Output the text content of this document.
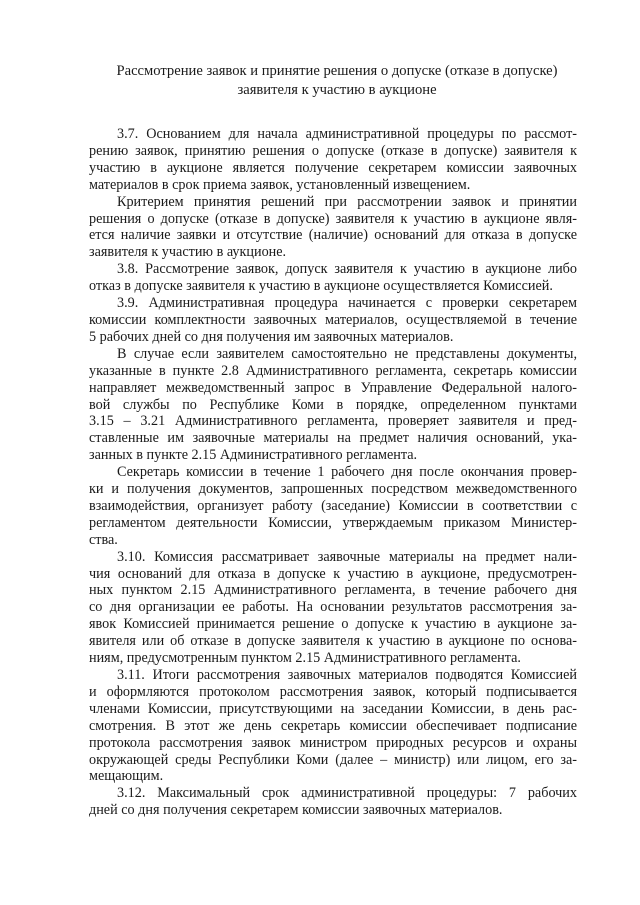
Рассмотрение заявок и принятие решения о допуске (отказе в допуске)
заявителя к участию в аукционе

3.7. Основанием для начала административной процедуры по рассмот-
рению заявок, принятию решения о допуске (отказе в допуске) заявителя к
участию в аукционе является получение секретарем комиссии заявочных
материалов в срок приема заявок, установленный извещением.

Критерием принятия решений при рассмотрении заявок и принятии
решения о допуске (отказе в допуске) заявителя к участию в аукционе явля-
ется наличие заявки и отсутствие (наличие) оснований для отказа в допуске
заявителя к участию в аукционе.

3.8. Рассмотрение заявок, допуск заявителя к участию в аукционе либо
отказ в допуске заявителя к участию в аукционе осуществляется Комиссией.

3.9. Административная процедура начинается с проверки секретарем
комиссии комплектности заявочных материалов, осуществляемой в течение
5 рабочих дней со дня получения им заявочных материалов.

В случае если заявителем самостоятельно не представлены документы,
указанные в пункте 2.8 Административного регламента, секретарь комиссии
направляет межведомственный запрос в Управление Федеральной налого-
вой службы по Республике Коми в порядке, определенном пунктами
3.15 – 3.21 Административного регламента, проверяет заявителя и пред-
ставленные им заявочные материалы на предмет наличия оснований, ука-
занных в пункте 2.15 Административного регламента.

Секретарь комиссии в течение 1 рабочего дня после окончания провер-
ки и получения документов, запрошенных посредством межведомственного
взаимодействия, организует работу (заседание) Комиссии в соответствии с
регламентом деятельности Комиссии, утверждаемым приказом Министер-
ства.

3.10. Комиссия рассматривает заявочные материалы на предмет нали-
чия оснований для отказа в допуске к участию в аукционе, предусмотрен-
ных пунктом 2.15 Административного регламента, в течение рабочего дня
со дня организации ее работы. На основании результатов рассмотрения за-
явок Комиссией принимается решение о допуске к участию в аукционе за-
явителя или об отказе в допуске заявителя к участию в аукционе по основа-
ниям, предусмотренным пунктом 2.15 Административного регламента.

3.11. Итоги рассмотрения заявочных материалов подводятся Комиссией
и оформляются протоколом рассмотрения заявок, который подписывается
членами Комиссии, присутствующими на заседании Комиссии, в день рас-
смотрения. В этот же день секретарь комиссии обеспечивает подписание
протокола рассмотрения заявок министром природных ресурсов и охраны
окружающей среды Республики Коми (далее – министр) или лицом, его за-
мещающим.

3.12. Максимальный срок административной процедуры: 7 рабочих
дней со дня получения секретарем комиссии заявочных материалов.
